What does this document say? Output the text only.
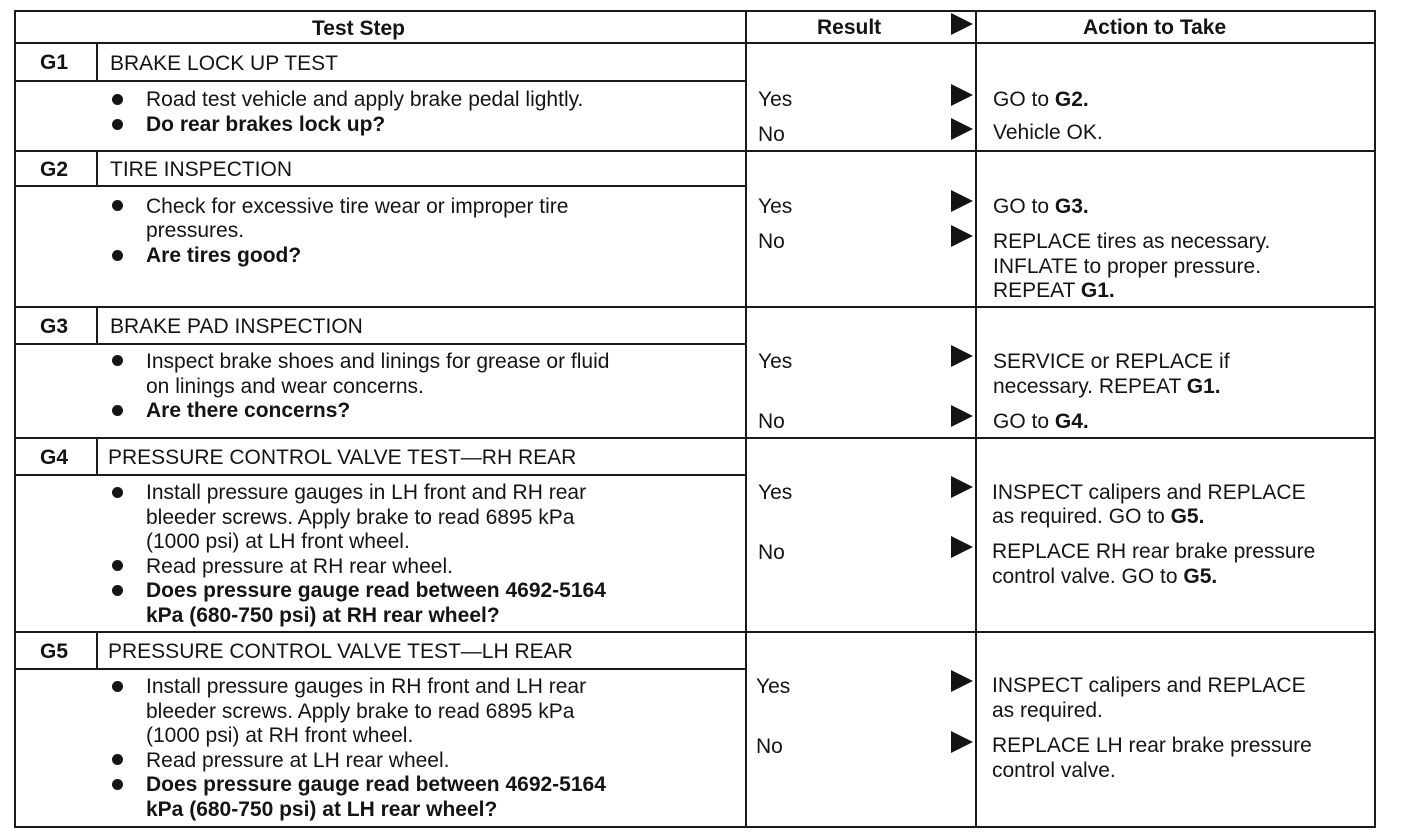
Test Step	Result	Action to Take
G1 BRAKE LOCK UP TEST
Road test vehicle and apply brake pedal lightly.
Do rear brakes lock up?
Yes
No
GO to G2.
Vehicle OK.
G2 TIRE INSPECTION
Check for excessive tire wear or improper tire
pressures.
Are tires good?
Yes
No
GO to G3.
REPLACE tires as necessary.
INFLATE to proper pressure.
REPEAT G1.
G3 BRAKE PAD INSPECTION
Inspect brake shoes and linings for grease or fluid
on linings and wear concerns.
Are there concerns?
Yes
No
SERVICE or REPLACE if
necessary. REPEAT G1.
GO to G4.
G4 PRESSURE CONTROL VALVE TEST—RH REAR
Install pressure gauges in LH front and RH rear
bleeder screws. Apply brake to read 6895 kPa
(1000 psi) at LH front wheel.
Read pressure at RH rear wheel.
Does pressure gauge read between 4692-5164
kPa (680-750 psi) at RH rear wheel?
Yes
No
INSPECT calipers and REPLACE
as required. GO to G5.
REPLACE RH rear brake pressure
control valve. GO to G5.
G5 PRESSURE CONTROL VALVE TEST—LH REAR
Install pressure gauges in RH front and LH rear
bleeder screws. Apply brake to read 6895 kPa
(1000 psi) at RH front wheel.
Read pressure at LH rear wheel.
Does pressure gauge read between 4692-5164
kPa (680-750 psi) at LH rear wheel?
Yes
No
INSPECT calipers and REPLACE
as required.
REPLACE LH rear brake pressure
control valve.
